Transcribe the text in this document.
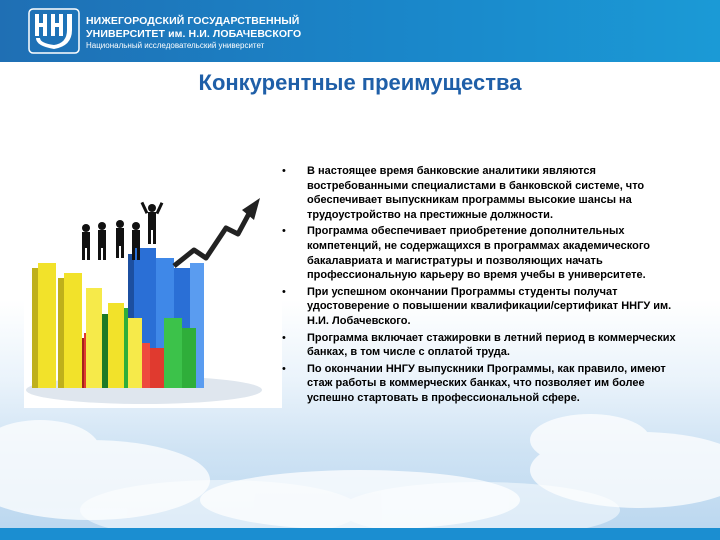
НИЖЕГОРОДСКИЙ ГОСУДАРСТВЕННЫЙ
УНИВЕРСИТЕТ им. Н.И. ЛОБАЧЕВСКОГО
Национальный исследовательский университет
Конкурентные преимущества
• В настоящее время банковские аналитики являются востребованными специалистами в банковской системе, что обеспечивает выпускникам программы высокие шансы на трудоустройство на престижные должности.
• Программа обеспечивает приобретение дополнительных компетенций, не содержащихся в программах академического бакалавриата и магистратуры и позволяющих начать профессиональную карьеру во время учебы в университете.
• При успешном окончании Программы студенты получат удостоверение о повышении квалификации/сертификат ННГУ им. Н.И. Лобачевского.
• Программа включает стажировки в летний период в коммерческих банках, в том числе с оплатой труда.
• По окончании ННГУ выпускники Программы, как правило, имеют стаж работы в коммерческих банках, что позволяет им более успешно стартовать в профессиональной сфере.
